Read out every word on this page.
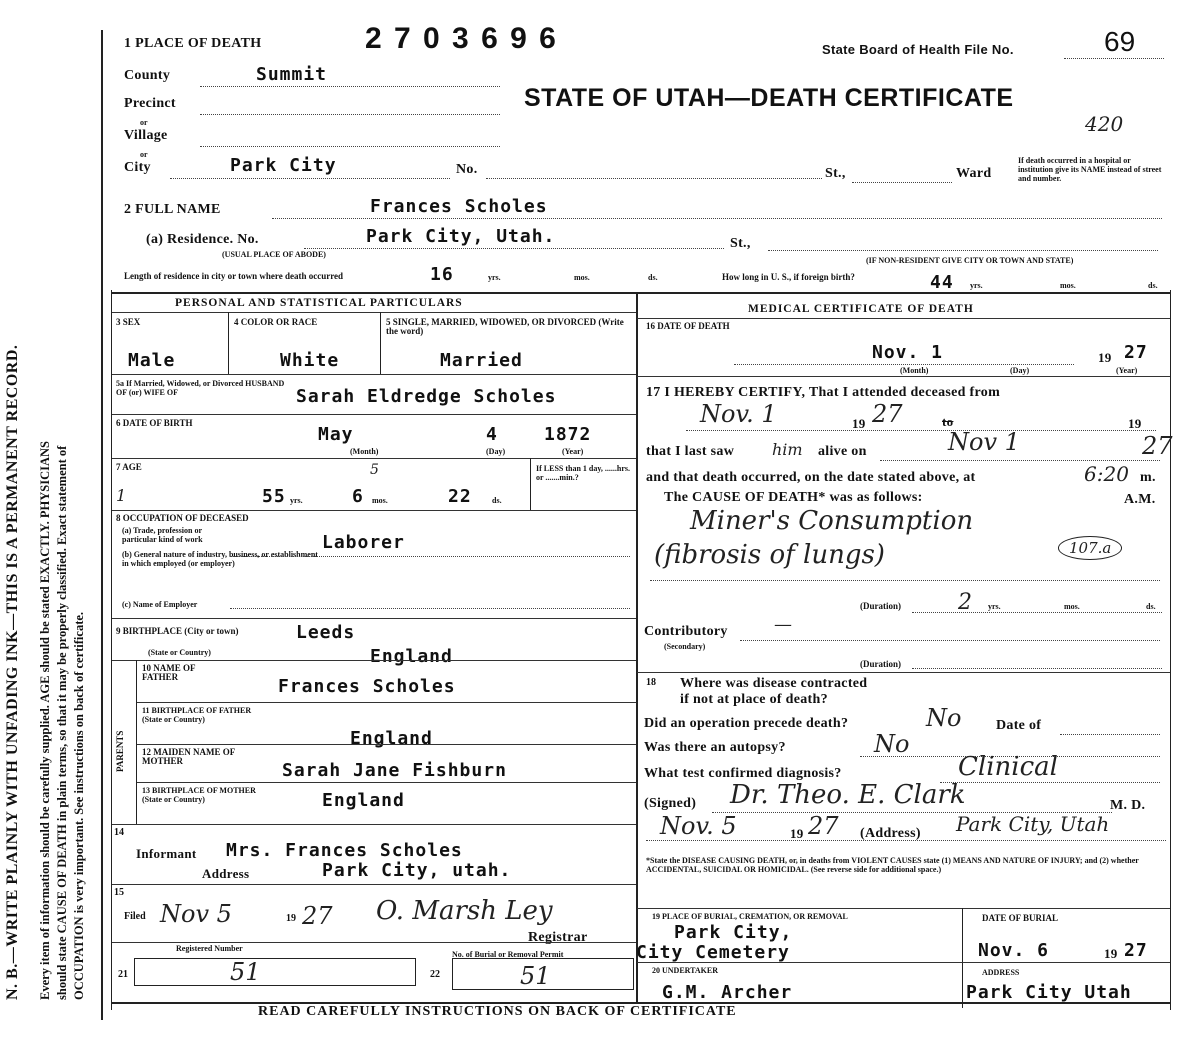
N. B.—WRITE PLAINLY WITH UNFADING INK—THIS IS A PERMANENT RECORD. Every item of information should be carefully supplied. AGE should be stated EXACTLY. PHYSICIANS should state CAUSE OF DEATH in plain terms, so that it may be properly classified. Exact statement of OCCUPATION is very important. See instructions on back of certificate.
1 PLACE OF DEATH	2 7 0 3 6 9 6	State Board of Health File No.	69
STATE OF UTAH—DEATH CERTIFICATE
420
County	Summit
Precinct
or
Village
or
City	Park City	No.	St.,	Ward
If death occurred in a hospital or institution give its NAME instead of street and number.
2 FULL NAME	Frances Scholes
(a) Residence. No.	Park City, Utah.
(USUAL PLACE OF ABODE)
St.,
(IF NON-RESIDENT GIVE CITY OR TOWN AND STATE)
Length of residence in city or town where death occurred	16	yrs.	mos.	ds.	How long in U. S., if foreign birth?	44 yrs.	mos.	ds.
PERSONAL AND STATISTICAL PARTICULARS	MEDICAL CERTIFICATE OF DEATH
3 SEX	4 COLOR OR RACE	5 SINGLE, MARRIED, WIDOWED, OR DIVORCED (Write the word)
Male	White	Married
5a If Married, Widowed, or Divorced HUSBAND OF (or) WIFE OF	Sarah Eldredge Scholes
6 DATE OF BIRTH
May	4	1872
(Month)	(Day)	(Year)
7 AGE	5
1	55 yrs.	6 mos.	22	ds.
If LESS than 1 day, ......hrs. or .......min.?
8 OCCUPATION OF DECEASED
(a) Trade, profession or particular kind of work	Laborer
(b) General nature of industry, business, or establishment in which employed (or employer)
(c) Name of Employer
9 BIRTHPLACE (City or town)	Leeds
(State or Country)	England
PARENTS
10 NAME OF FATHER	Frances Scholes
11 BIRTHPLACE OF FATHER (State or Country)
England
12 MAIDEN NAME OF MOTHER	Sarah Jane Fishburn
13 BIRTHPLACE OF MOTHER (State or Country)	England
14
Informant Mrs. Frances Scholes
Address	Park City, utah.
15
Filed Nov 5	19 27 O. Marsh Ley
Registrar
Registered Number
No. of Burial or Removal Permit
21	51	22	51
16 DATE OF DEATH
Nov. 1	19 27
(Month)	(Day)	(Year)
17 I HEREBY CERTIFY, That I attended deceased from
Nov. 1	19 27	to	19
that I last saw him alive on	Nov 1	27
and that death occurred, on the date stated above, at	6:20 m.
The CAUSE OF DEATH* was as follows:	A.M.
Miner's Consumption
(fibrosis of lungs)	107.a
(Duration)	2 yrs.	mos.	ds.
Contributory	—
(Secondary)
(Duration)
18 Where was disease contracted
if not at place of death?
Did an operation precede death?	No Date of
Was there an autopsy?	No
What test confirmed diagnosis?	Clinical
(Signed) Dr. Theo. E. Clark	M. D.
Nov. 5	19 27 (Address) Park City, Utah
*State the DISEASE CAUSING DEATH, or, in deaths from VIOLENT CAUSES state (1) MEANS AND NATURE OF INJURY; and (2) whether ACCIDENTAL, SUICIDAL OR HOMICIDAL. (See reverse side for additional space.)
19 PLACE OF BURIAL, CREMATION, OR REMOVAL
Park City,
City Cemetery
DATE OF BURIAL
Nov. 6	19 27
20 UNDERTAKER
G.M. Archer
ADDRESS
Park City Utah
READ CAREFULLY INSTRUCTIONS ON BACK OF CERTIFICATE
